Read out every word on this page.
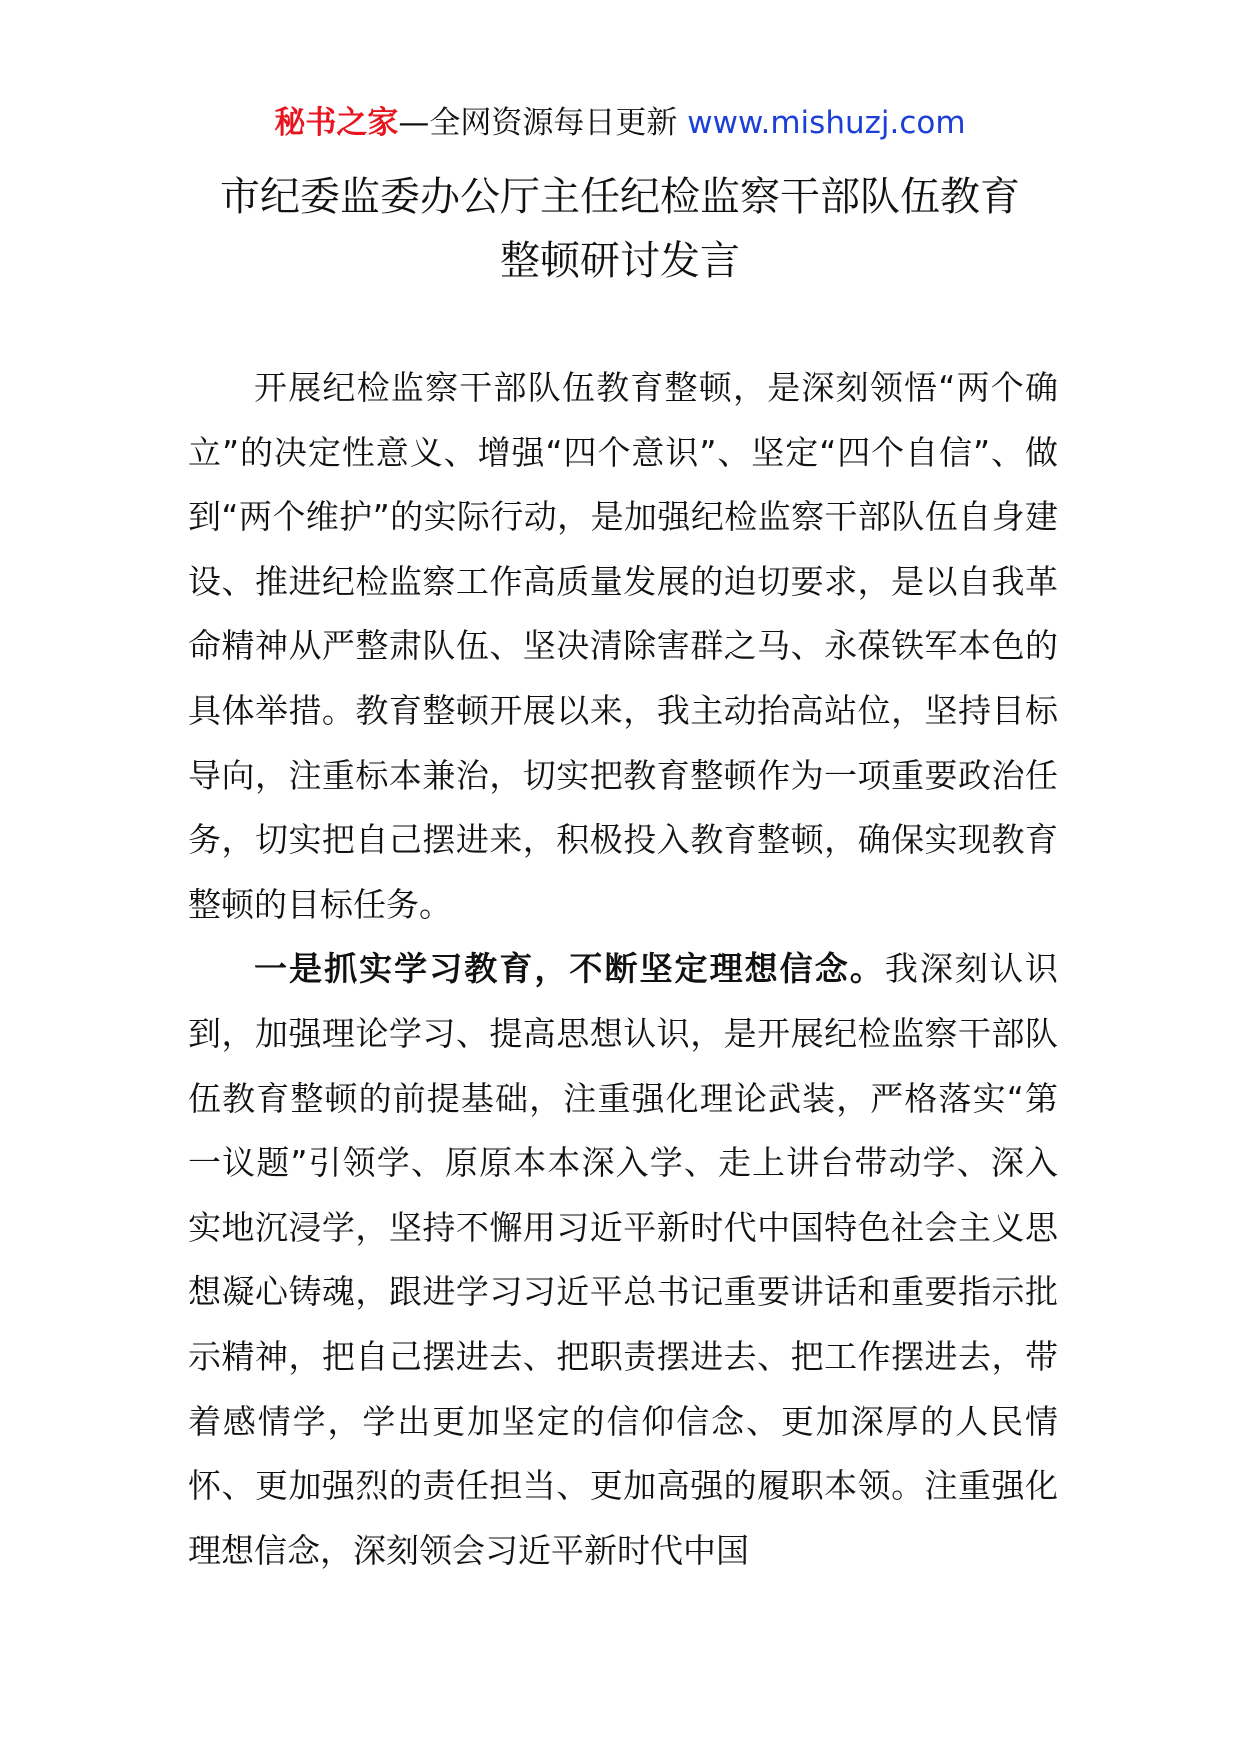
秘书之家—全网资源每日更新 www.mishuzj.com
市纪委监委办公厅主任纪检监察干部队伍教育
整顿研讨发言

开展纪检监察干部队伍教育整顿，是深刻领悟“两个确立”的决定性意义、增强“四个意识”、坚定“四个自信”、做到“两个维护”的实际行动，是加强纪检监察干部队伍自身建设、推进纪检监察工作高质量发展的迫切要求，是以自我革命精神从严整肃队伍、坚决清除害群之马、永葆铁军本色的具体举措。教育整顿开展以来，我主动抬高站位，坚持目标导向，注重标本兼治，切实把教育整顿作为一项重要政治任务，切实把自己摆进来，积极投入教育整顿，确保实现教育整顿的目标任务。

一是抓实学习教育，不断坚定理想信念。我深刻认识到，加强理论学习、提高思想认识，是开展纪检监察干部队伍教育整顿的前提基础，注重强化理论武装，严格落实“第一议题”引领学、原原本本深入学、走上讲台带动学、深入实地沉浸学，坚持不懈用习近平新时代中国特色社会主义思想凝心铸魂，跟进学习习近平总书记重要讲话和重要指示批示精神，把自己摆进去、把职责摆进去、把工作摆进去，带着感情学，学出更加坚定的信仰信念、更加深厚的人民情怀、更加强烈的责任担当、更加高强的履职本领。注重强化理想信念，深刻领会习近平新时代中国
